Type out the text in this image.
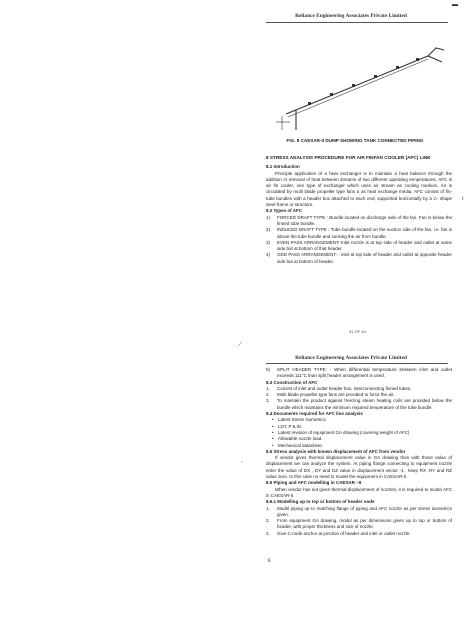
▬
⟋
ı
,
ε
Reliance Engineering Associates Private Limited
FIG. 8 CAESAR-II DUMP SHOWING TANK CONNECTED PIPING

8 STRESS ANALYSIS PROCEDURE FOR AIR FINFAN COOLER (AFC) LINE

8.1 Introduction

Principle application of a heat exchanger is to maintain a heat balance through the addition or removal of heat between streams of two different operating temperatures. AFC is air fin cooler, one type of exchanger which uses air stream as cooling medium. Air is circulated by multi blade propeller type fans a as heat exchange media. AFC consist of fin-tube bundles with a header box attached to each end, supported horizontally by a C- shape steel frame or structure.

8.2 Types of AFC

1)	FORCED DRAFT TYPE : Bundle located on discharge side of the fan. Fan is below the finned tube bundle.
2)	INDUCED DRAFT TYPE : Tube bundle located on the suction side of the fan. i.e. fan is above the tube bundle and sucking the air from bundle.
3)	EVEN PASS ARRANGEMENT:-Inlet nozzle is at top side of header and outlet at same side but at bottom of that header.
4)	ODD PASS ARRANGEMENT: - inlet at top side of header and outlet at opposite header side but at bottom of header.
31 OF 44
Reliance Engineering Associates Private Limited
5)	SPLIT HEADER TYPE: - When differential temperature between inlet and outlet exceeds 111°C than split header arrangement is used.

8.3 Construction of AFC

1.	Consist of inlet and outlet header box, interconnecting finned tubes.
2.	Multi blade propeller type fans are provided to force the air.
3.	To maintain the product against freezing steam heating coils are provided below the bundle which maintains the minimum required temperature of the tube bundle.

8.4 Documents required for AFC line analysis

• Latest Stress isometrics
• LDT, P & ID.
• Latest revision of equipment GA drawing (covering weight of AFC)
• Allowable nozzle load.
• Mechanical datasheet

8.5 Stress analysis with known displacement of AFC from vendor

If vendor gives thermal displacement value in GA drawing then with those value of displacement we can analyze the system. At piping flange connecting to equipment nozzle enter the value of DX , DY and DZ value in displacement vector -1 , keep RX ,RY and RZ value zero. In this case no need to model the equipment in CAESAR-II.

8.6 Piping and AFC modelling in CAESAR –II

When vendor has not given thermal displacement of nozzles, it is required to model AFC in CAESAR-II.

8.6.1 Modelling up to top or bottom of header node

1.	Model piping up to matching flange of piping and AFC nozzle as per stress isometrics given.
2.	From equipment GA drawing, model as per dimensions given up to top or bottom of header, with proper thickness and size of nozzle.
3.	Give C-node anchor at junction of header and inlet or outlet nozzle.
